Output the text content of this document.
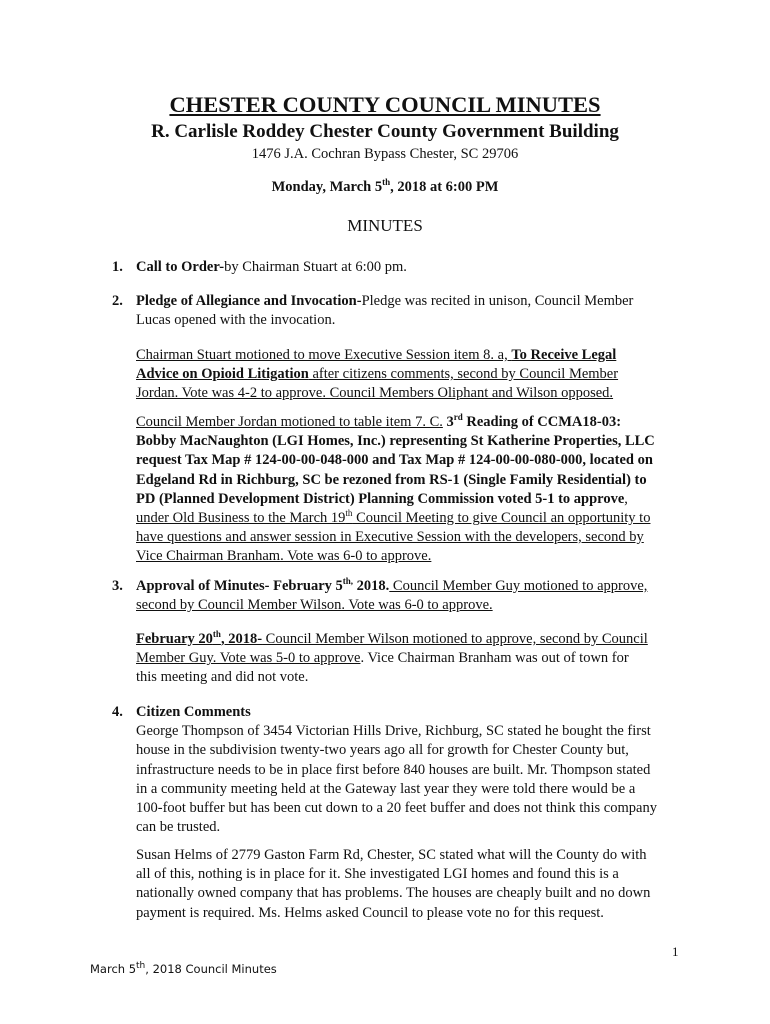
CHESTER COUNTY COUNCIL MINUTES
R. Carlisle Roddey Chester County Government Building
1476 J.A. Cochran Bypass Chester, SC 29706
Monday, March 5th, 2018 at 6:00 PM
MINUTES
1. Call to Order-by Chairman Stuart at 6:00 pm.
2. Pledge of Allegiance and Invocation-Pledge was recited in unison, Council Member
Lucas opened with the invocation.
Chairman Stuart motioned to move Executive Session item 8. a, To Receive Legal
Advice on Opioid Litigation after citizens comments, second by Council Member
Jordan. Vote was 4-2 to approve. Council Members Oliphant and Wilson opposed.
Council Member Jordan motioned to table item 7. C. 3rd Reading of CCMA18-03:
Bobby MacNaughton (LGI Homes, Inc.) representing St Katherine Properties, LLC
request Tax Map # 124-00-00-048-000 and Tax Map # 124-00-00-080-000, located on
Edgeland Rd in Richburg, SC be rezoned from RS-1 (Single Family Residential) to
PD (Planned Development District) Planning Commission voted 5-1 to approve,
under Old Business to the March 19th Council Meeting to give Council an opportunity to
have questions and answer session in Executive Session with the developers, second by
Vice Chairman Branham. Vote was 6-0 to approve.
3. Approval of Minutes- February $5^{th,}$ 2018. Council Member Guy motioned to approve,
second by Council Member Wilson. Vote was 6-0 to approve.
February 20th, 2018- Council Member Wilson motioned to approve, second by Council
Member Guy. Vote was 5-0 to approve. Vice Chairman Branham was out of town for
this meeting and did not vote.
4. Citizen Comments
George Thompson of 3454 Victorian Hills Drive, Richburg, SC stated he bought the first
house in the subdivision twenty-two years ago all for growth for Chester County but,
infrastructure needs to be in place first before 840 houses are built. Mr. Thompson stated
in a community meeting held at the Gateway last year they were told there would be a
100-foot buffer but has been cut down to a 20 feet buffer and does not think this company
can be trusted.
Susan Helms of 2779 Gaston Farm Rd, Chester, SC stated what will the County do with
all of this, nothing is in place for it. She investigated LGI homes and found this is a
nationally owned company that has problems. The houses are cheaply built and no down
payment is required. Ms. Helms asked Council to please vote no for this request.
1
March 5th, 2018 Council Minutes
